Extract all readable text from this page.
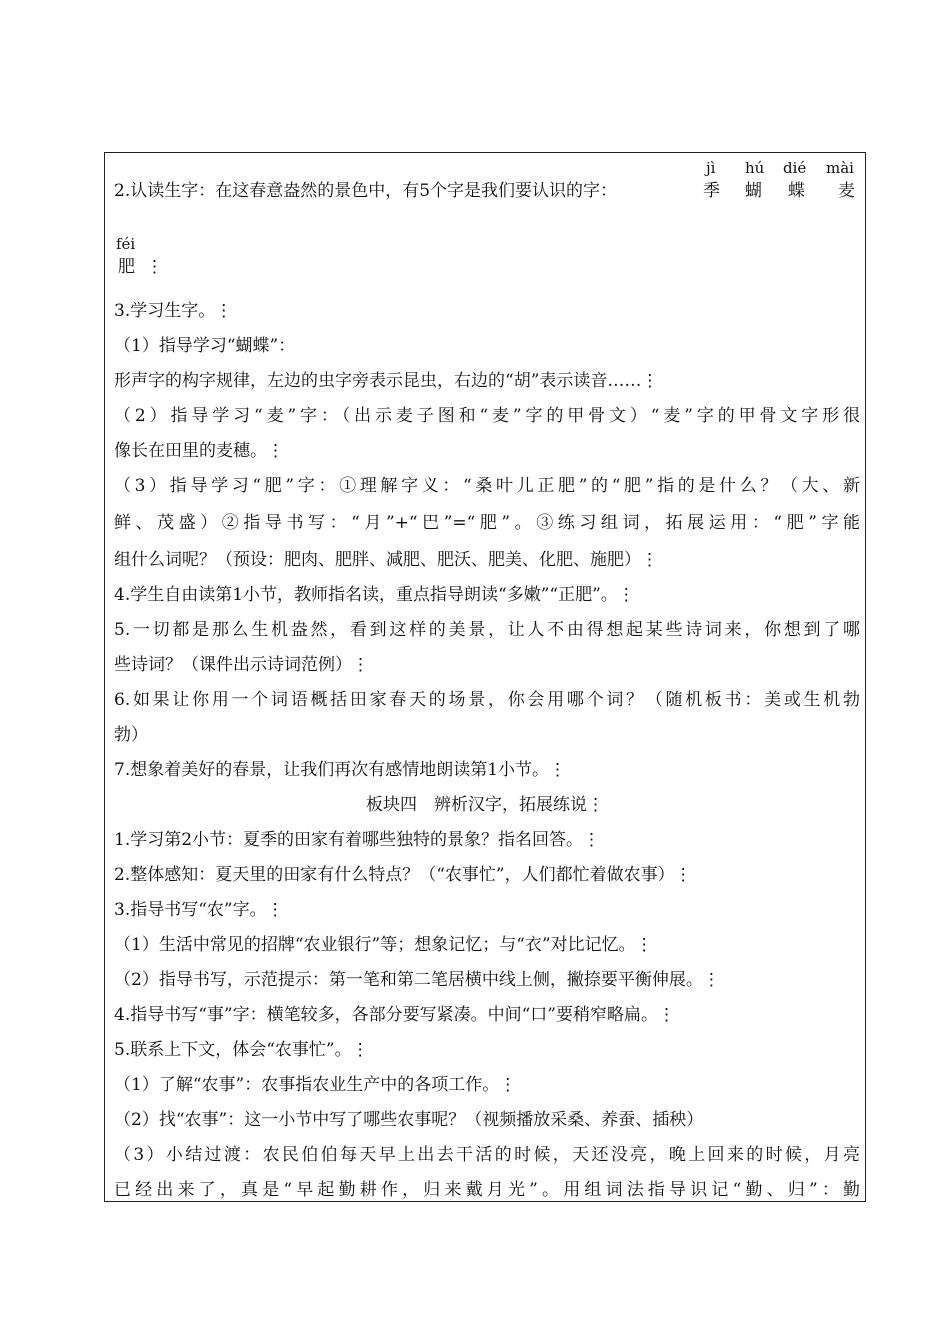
2.认读生字：在这春意盎然的景色中，有5个字是我们要认识的字：
jì
季
hú
蝴
dié
蝶
mài
麦
féi
肥 ⋮
3.学习生字。⋮
（1）指导学习“蝴蝶”：
形声字的构字规律，左边的虫字旁表示昆虫，右边的“胡”表示读音……⋮
（2）指导学习“麦”字：（出示麦子图和“麦”字的甲骨文）“麦”字的甲骨文字形很
像长在田里的麦穗。⋮
（3）指导学习“肥”字：①理解字义：“桑叶儿正肥”的“肥”指的是什么？（大、新
鲜、茂盛）②指导书写：“月”+“巴”=“肥”。③练习组词，拓展运用：“肥”字能
组什么词呢？（预设：肥肉、肥胖、减肥、肥沃、肥美、化肥、施肥）⋮
4.学生自由读第1小节，教师指名读，重点指导朗读“多嫩”“正肥”。⋮
5.一切都是那么生机盎然，看到这样的美景，让人不由得想起某些诗词来，你想到了哪
些诗词？（课件出示诗词范例）⋮
6.如果让你用一个词语概括田家春天的场景，你会用哪个词？（随机板书：美或生机勃
勃）
7.想象着美好的春景，让我们再次有感情地朗读第1小节。⋮
板块四　辨析汉字，拓展练说⋮
1.学习第2小节：夏季的田家有着哪些独特的景象？指名回答。⋮
2.整体感知：夏天里的田家有什么特点？（“农事忙”，人们都忙着做农事）⋮
3.指导书写“农”字。⋮
（1）生活中常见的招牌“农业银行”等；想象记忆；与“衣”对比记忆。⋮
（2）指导书写，示范提示：第一笔和第二笔居横中线上侧，撇捺要平衡伸展。⋮
4.指导书写“事”字：横笔较多，各部分要写紧凑。中间“口”要稍窄略扁。⋮
5.联系上下文，体会“农事忙”。⋮
（1）了解“农事”：农事指农业生产中的各项工作。⋮
（2）找“农事”：这一小节中写了哪些农事呢？（视频播放采桑、养蚕、插秧）
（3）小结过渡：农民伯伯每天早上出去干活的时候，天还没亮，晚上回来的时候，月亮
已经出来了，真是“早起勤耕作，归来戴月光”。用组词法指导识记“勤、归”：勤
